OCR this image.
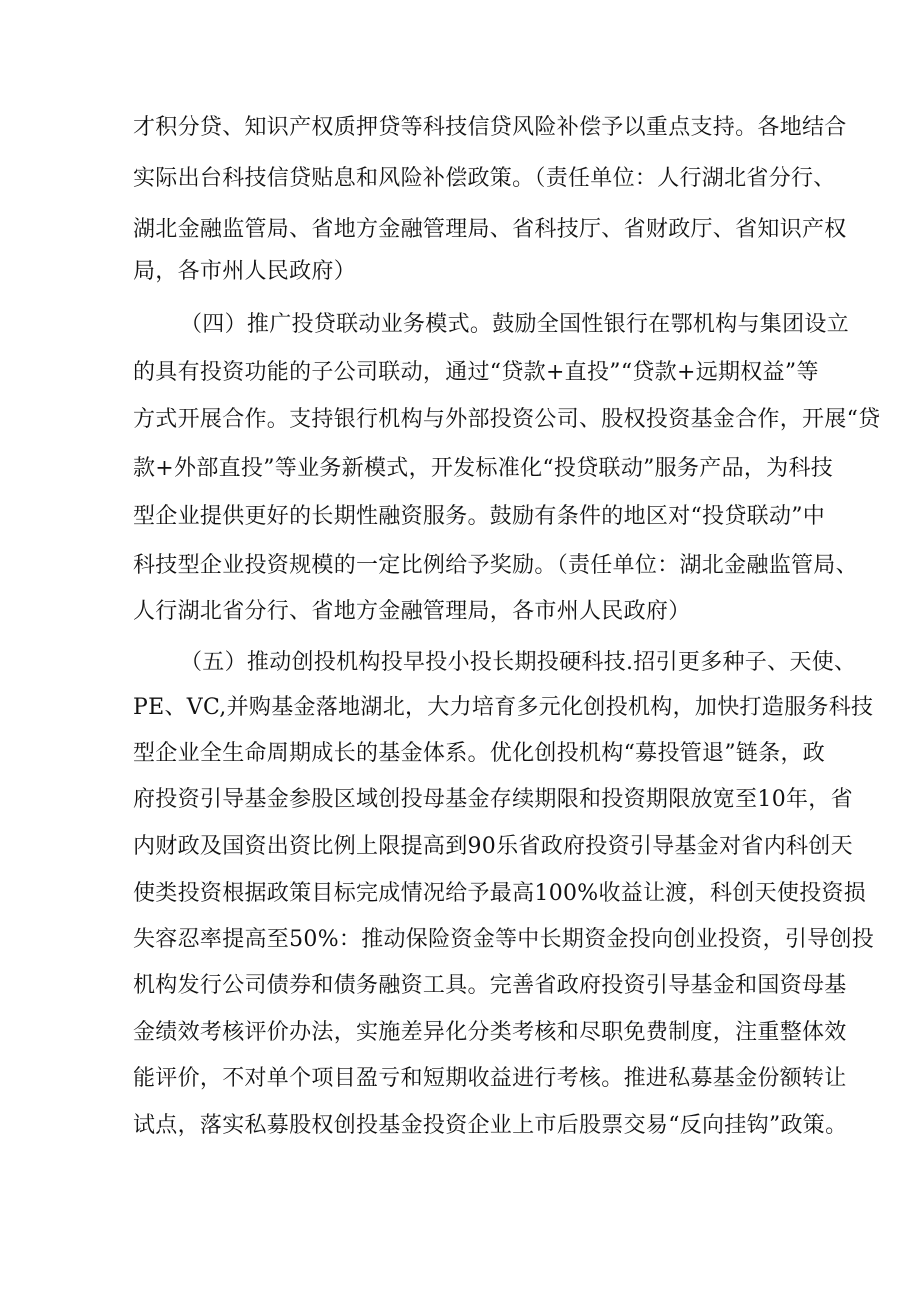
才积分贷、知识产权质押贷等科技信贷风险补偿予以重点支持。各地结合
实际出台科技信贷贴息和风险补偿政策。（责任单位：人行湖北省分行、
湖北金融监管局、省地方金融管理局、省科技厅、省财政厅、省知识产权
局，各市州人民政府）
（四）推广投贷联动业务模式。鼓励全国性银行在鄂机构与集团设立
的具有投资功能的子公司联动，通过“贷款+直投”“贷款+远期权益”等
方式开展合作。支持银行机构与外部投资公司、股权投资基金合作，开展“贷
款+外部直投”等业务新模式，开发标准化“投贷联动”服务产品，为科技
型企业提供更好的长期性融资服务。鼓励有条件的地区对“投贷联动”中
科技型企业投资规模的一定比例给予奖励。（责任单位：湖北金融监管局、
人行湖北省分行、省地方金融管理局，各市州人民政府）
（五）推动创投机构投早投小投长期投硬科技.招引更多种子、天使、
PE、VC,并购基金落地湖北，大力培育多元化创投机构，加快打造服务科技
型企业全生命周期成长的基金体系。优化创投机构“募投管退”链条，政
府投资引导基金参股区域创投母基金存续期限和投资期限放宽至10年，省
内财政及国资出资比例上限提高到90乐省政府投资引导基金对省内科创天
使类投资根据政策目标完成情况给予最高100%收益让渡，科创天使投资损
失容忍率提高至50%：推动保险资金等中长期资金投向创业投资，引导创投
机构发行公司债券和债务融资工具。完善省政府投资引导基金和国资母基
金绩效考核评价办法，实施差异化分类考核和尽职免费制度，注重整体效
能评价，不对单个项目盈亏和短期收益进行考核。推进私募基金份额转让
试点，落实私募股权创投基金投资企业上市后股票交易“反向挂钩”政策。
